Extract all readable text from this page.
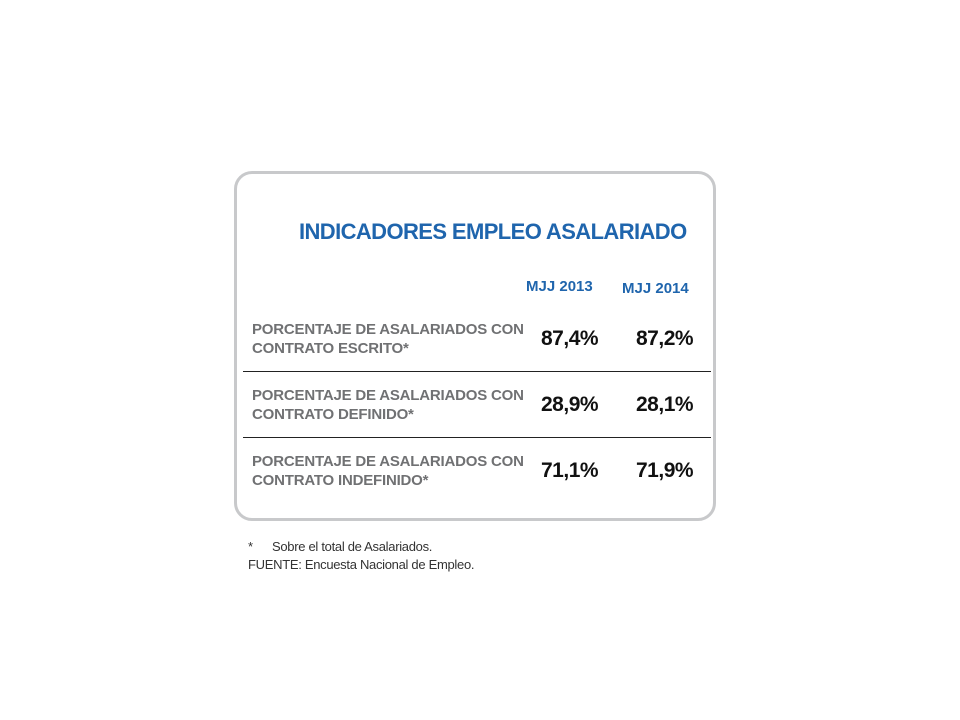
INDICADORES EMPLEO ASALARIADO
MJJ 2013 MJJ 2014
PORCENTAJE DE ASALARIADOS CON
CONTRATO ESCRITO*	87,4% 87,2%
PORCENTAJE DE ASALARIADOS CON
CONTRATO DEFINIDO*	28,9% 28,1%
PORCENTAJE DE ASALARIADOS CON
CONTRATO INDEFINIDO*	71,1% 71,9%
* Sobre el total de Asalariados.
FUENTE: Encuesta Nacional de Empleo.
